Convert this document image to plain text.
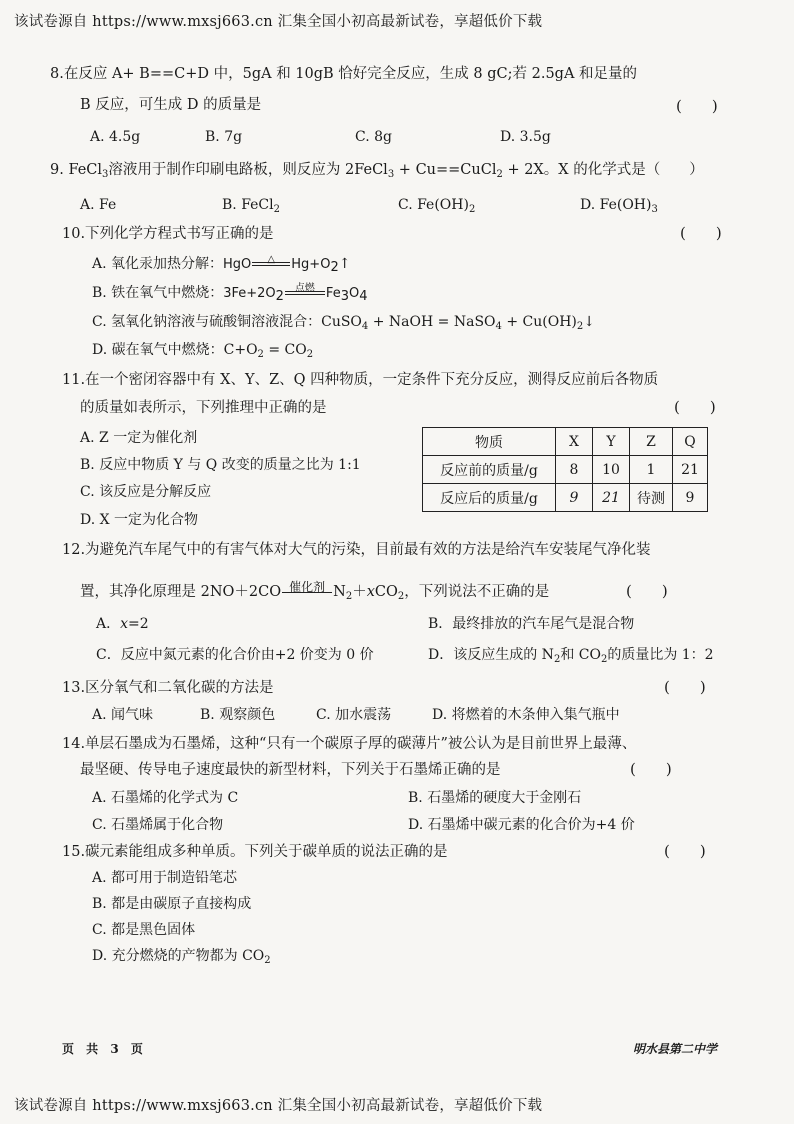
该试卷源自 https://www.mxsj663.cn 汇集全国小初高最新试卷，享超低价下载
8.在反应 A+ B==C+D 中，5gA 和 10gB 恰好完全反应，生成 8 gC;若 2.5gA 和足量的
B 反应，可生成 D 的质量是	(　　)
A. 4.5g	B. 7g	C. 8g	D. 3.5g
9. FeCl$_3$溶液用于制作印刷电路板，则反应为 2FeCl$_3$ + Cu==CuCl$_2$ + 2X。X 的化学式是（　　）
A. Fe	B. FeCl$_2$	C. $Fe(OH)_2$	D. $Fe(OH)_3$
10.下列化学方程式书写正确的是	(　　)
A. 氧化汞加热分解：HgO	△	Hg+O2↑
B. 铁在氧气中燃烧：3Fe+2O2
点燃 Fe3O4
C. 氢氧化钠溶液与硫酸铜溶液混合：CuSO$_4$ + NaOH = NaSO$_4$ + $Cu(OH)_2↓$
D. 碳在氧气中燃烧：$C+O_2 = CO_2$
11.在一个密闭容器中有 X、Y、Z、Q 四种物质，一定条件下充分反应，测得反应前后各物质
的质量如表所示，下列推理中正确的是	(　　)
A. Z 一定为催化剂
B. 反应中物质 Y 与 Q 改变的质量之比为 1:1
C. 该反应是分解反应
D. X 一定为化合物
物质	X	Y	Z	Q
反应前的质量/g	8	10	1	21
反应后的质量/g	9	21	待测	9
12.为避免汽车尾气中的有害气体对大气的污染，目前最有效的方法是给汽车安装尾气净化装
置，其净化原理是 2NO＋2CO 催化剂 $N_2+xCO_2$，下列说法不正确的是	(　　)
A．x=2	B．最终排放的汽车尾气是混合物
C．反应中氮元素的化合价由+2 价变为 0 价	D．该反应生成的 $N_2$和 $CO_2$的质量比为 1：2
13.区分氧气和二氧化碳的方法是	(　　)
A. 闻气味	B. 观察颜色	C. 加水震荡	D. 将燃着的木条伸入集气瓶中
14.单层石墨成为石墨烯，这种“只有一个碳原子厚的碳薄片”被公认为是目前世界上最薄、
最坚硬、传导电子速度最快的新型材料，下列关于石墨烯正确的是	(　　)
A. 石墨烯的化学式为 C	B. 石墨烯的硬度大于金刚石
C. 石墨烯属于化合物	D. 石墨烯中碳元素的化合价为+4 价
15.碳元素能组成多种单质。下列关于碳单质的说法正确的是	(　　)
A. 都可用于制造铅笔芯
B. 都是由碳原子直接构成
C. 都是黑色固体
D. 充分燃烧的产物都为 $CO_2$
页 共 3 页	明水县第二中学
该试卷源自 https://www.mxsj663.cn 汇集全国小初高最新试卷，享超低价下载
